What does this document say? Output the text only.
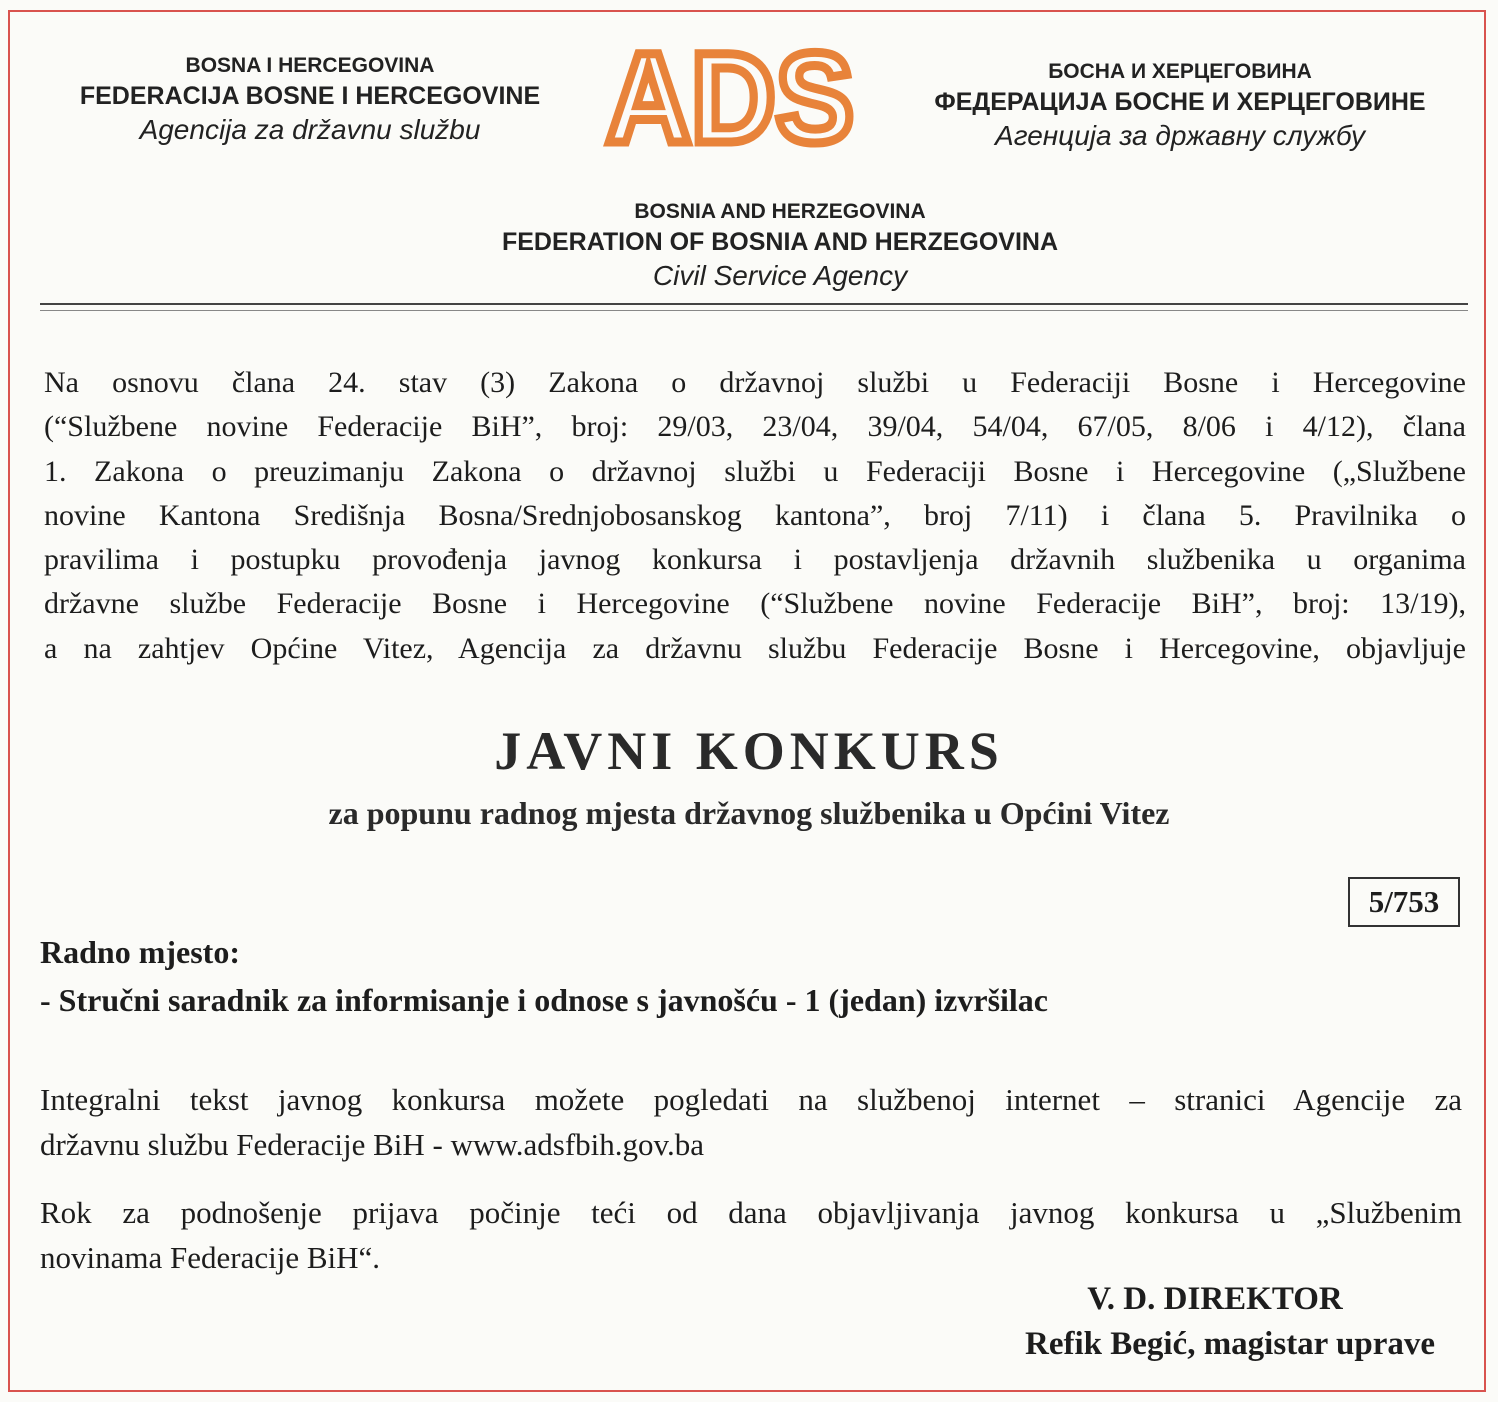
BOSNA I HERCEGOVINA
FEDERACIJA BOSNE I HERCEGOVINE
Agencija za državnu službu ADS	БОСНА И ХЕРЦЕГОВИНА
ФЕДЕРАЦИЈА БОСНЕ И ХЕРЦЕГОВИНЕ
Агенција за државну службу
BOSNIA AND HERZEGOVINA
FEDERATION OF BOSNIA AND HERZEGOVINA
Civil Service Agency
Na osnovu člana 24. stav (3) Zakona o državnoj službi u Federaciji Bosne i Hercegovine
(“Službene novine Federacije BiH”, broj: 29/03, 23/04, 39/04, 54/04, 67/05, 8/06 i 4/12), člana
1. Zakona o preuzimanju Zakona o državnoj službi u Federaciji Bosne i Hercegovine („Službene
novine Kantona Središnja Bosna/Srednjobosanskog kantona”, broj 7/11) i člana 5. Pravilnika o
pravilima i postupku provođenja javnog konkursa i postavljenja državnih službenika u organima
državne službe Federacije Bosne i Hercegovine (“Službene novine Federacije BiH”, broj: 13/19),
a na zahtjev Općine Vitez, Agencija za državnu službu Federacije Bosne i Hercegovine, objavljuje
JAVNI KONKURS
za popunu radnog mjesta državnog službenika u Općini Vitez
5/753
Radno mjesto:
- Stručni saradnik za informisanje i odnose s javnošću - 1 (jedan) izvršilac
Integralni tekst javnog konkursa možete pogledati na službenoj internet – stranici Agencije za
državnu službu Federacije BiH - www.adsfbih.gov.ba
Rok za podnošenje prijava počinje teći od dana objavljivanja javnog konkursa u „Službenim
novinama Federacije BiH“.
V. D. DIREKTOR
Refik Begić, magistar uprave
